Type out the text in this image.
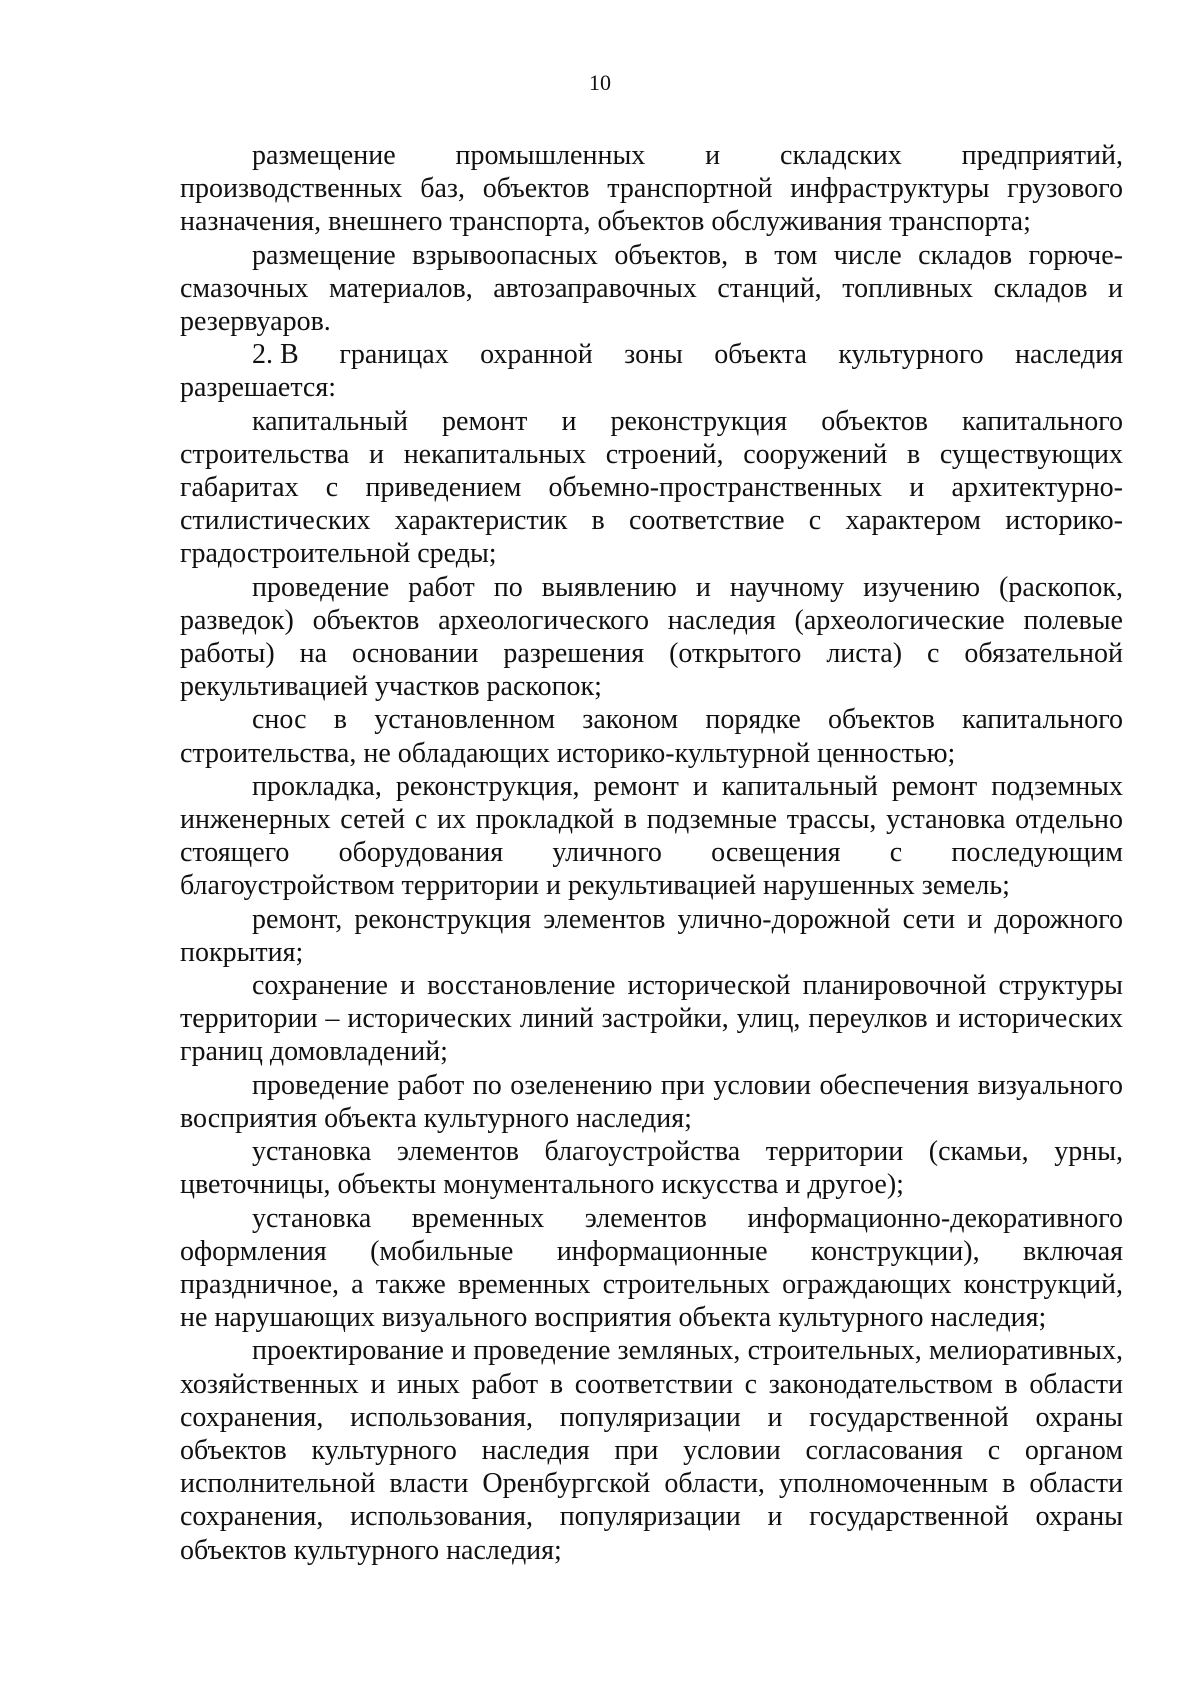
10

размещение промышленных и складских предприятий, производственных баз, объектов транспортной инфраструктуры грузового назначения, внешнего транспорта, объектов обслуживания транспорта;

размещение взрывоопасных объектов, в том числе складов горюче-смазочных материалов, автозаправочных станций, топливных складов и резервуаров.

2. В границах охранной зоны объекта культурного наследия разрешается:

капитальный ремонт и реконструкция объектов капитального строительства и некапитальных строений, сооружений в существующих габаритах с приведением объемно-пространственных и архитектурно-стилистических характеристик в соответствие с характером историко-градостроительной среды;

проведение работ по выявлению и научному изучению (раскопок, разведок) объектов археологического наследия (археологические полевые работы) на основании разрешения (открытого листа) с обязательной рекультивацией участков раскопок;

снос в установленном законом порядке объектов капитального строительства, не обладающих историко-культурной ценностью;

прокладка, реконструкция, ремонт и капитальный ремонт подземных инженерных сетей с их прокладкой в подземные трассы, установка отдельно стоящего оборудования уличного освещения с последующим благоустройством территории и рекультивацией нарушенных земель;

ремонт, реконструкция элементов улично-дорожной сети и дорожного покрытия;

сохранение и восстановление исторической планировочной структуры территории – исторических линий застройки, улиц, переулков и исторических границ домовладений;

проведение работ по озеленению при условии обеспечения визуального восприятия объекта культурного наследия;

установка элементов благоустройства территории (скамьи, урны, цветочницы, объекты монументального искусства и другое);

установка временных элементов информационно-декоративного оформления (мобильные информационные конструкции), включая праздничное, а также временных строительных ограждающих конструкций, не нарушающих визуального восприятия объекта культурного наследия;

проектирование и проведение земляных, строительных, мелиоративных, хозяйственных и иных работ в соответствии с законодательством в области сохранения, использования, популяризации и государственной охраны объектов культурного наследия при условии согласования с органом исполнительной власти Оренбургской области, уполномоченным в области сохранения, использования, популяризации и государственной охраны объектов культурного наследия;
